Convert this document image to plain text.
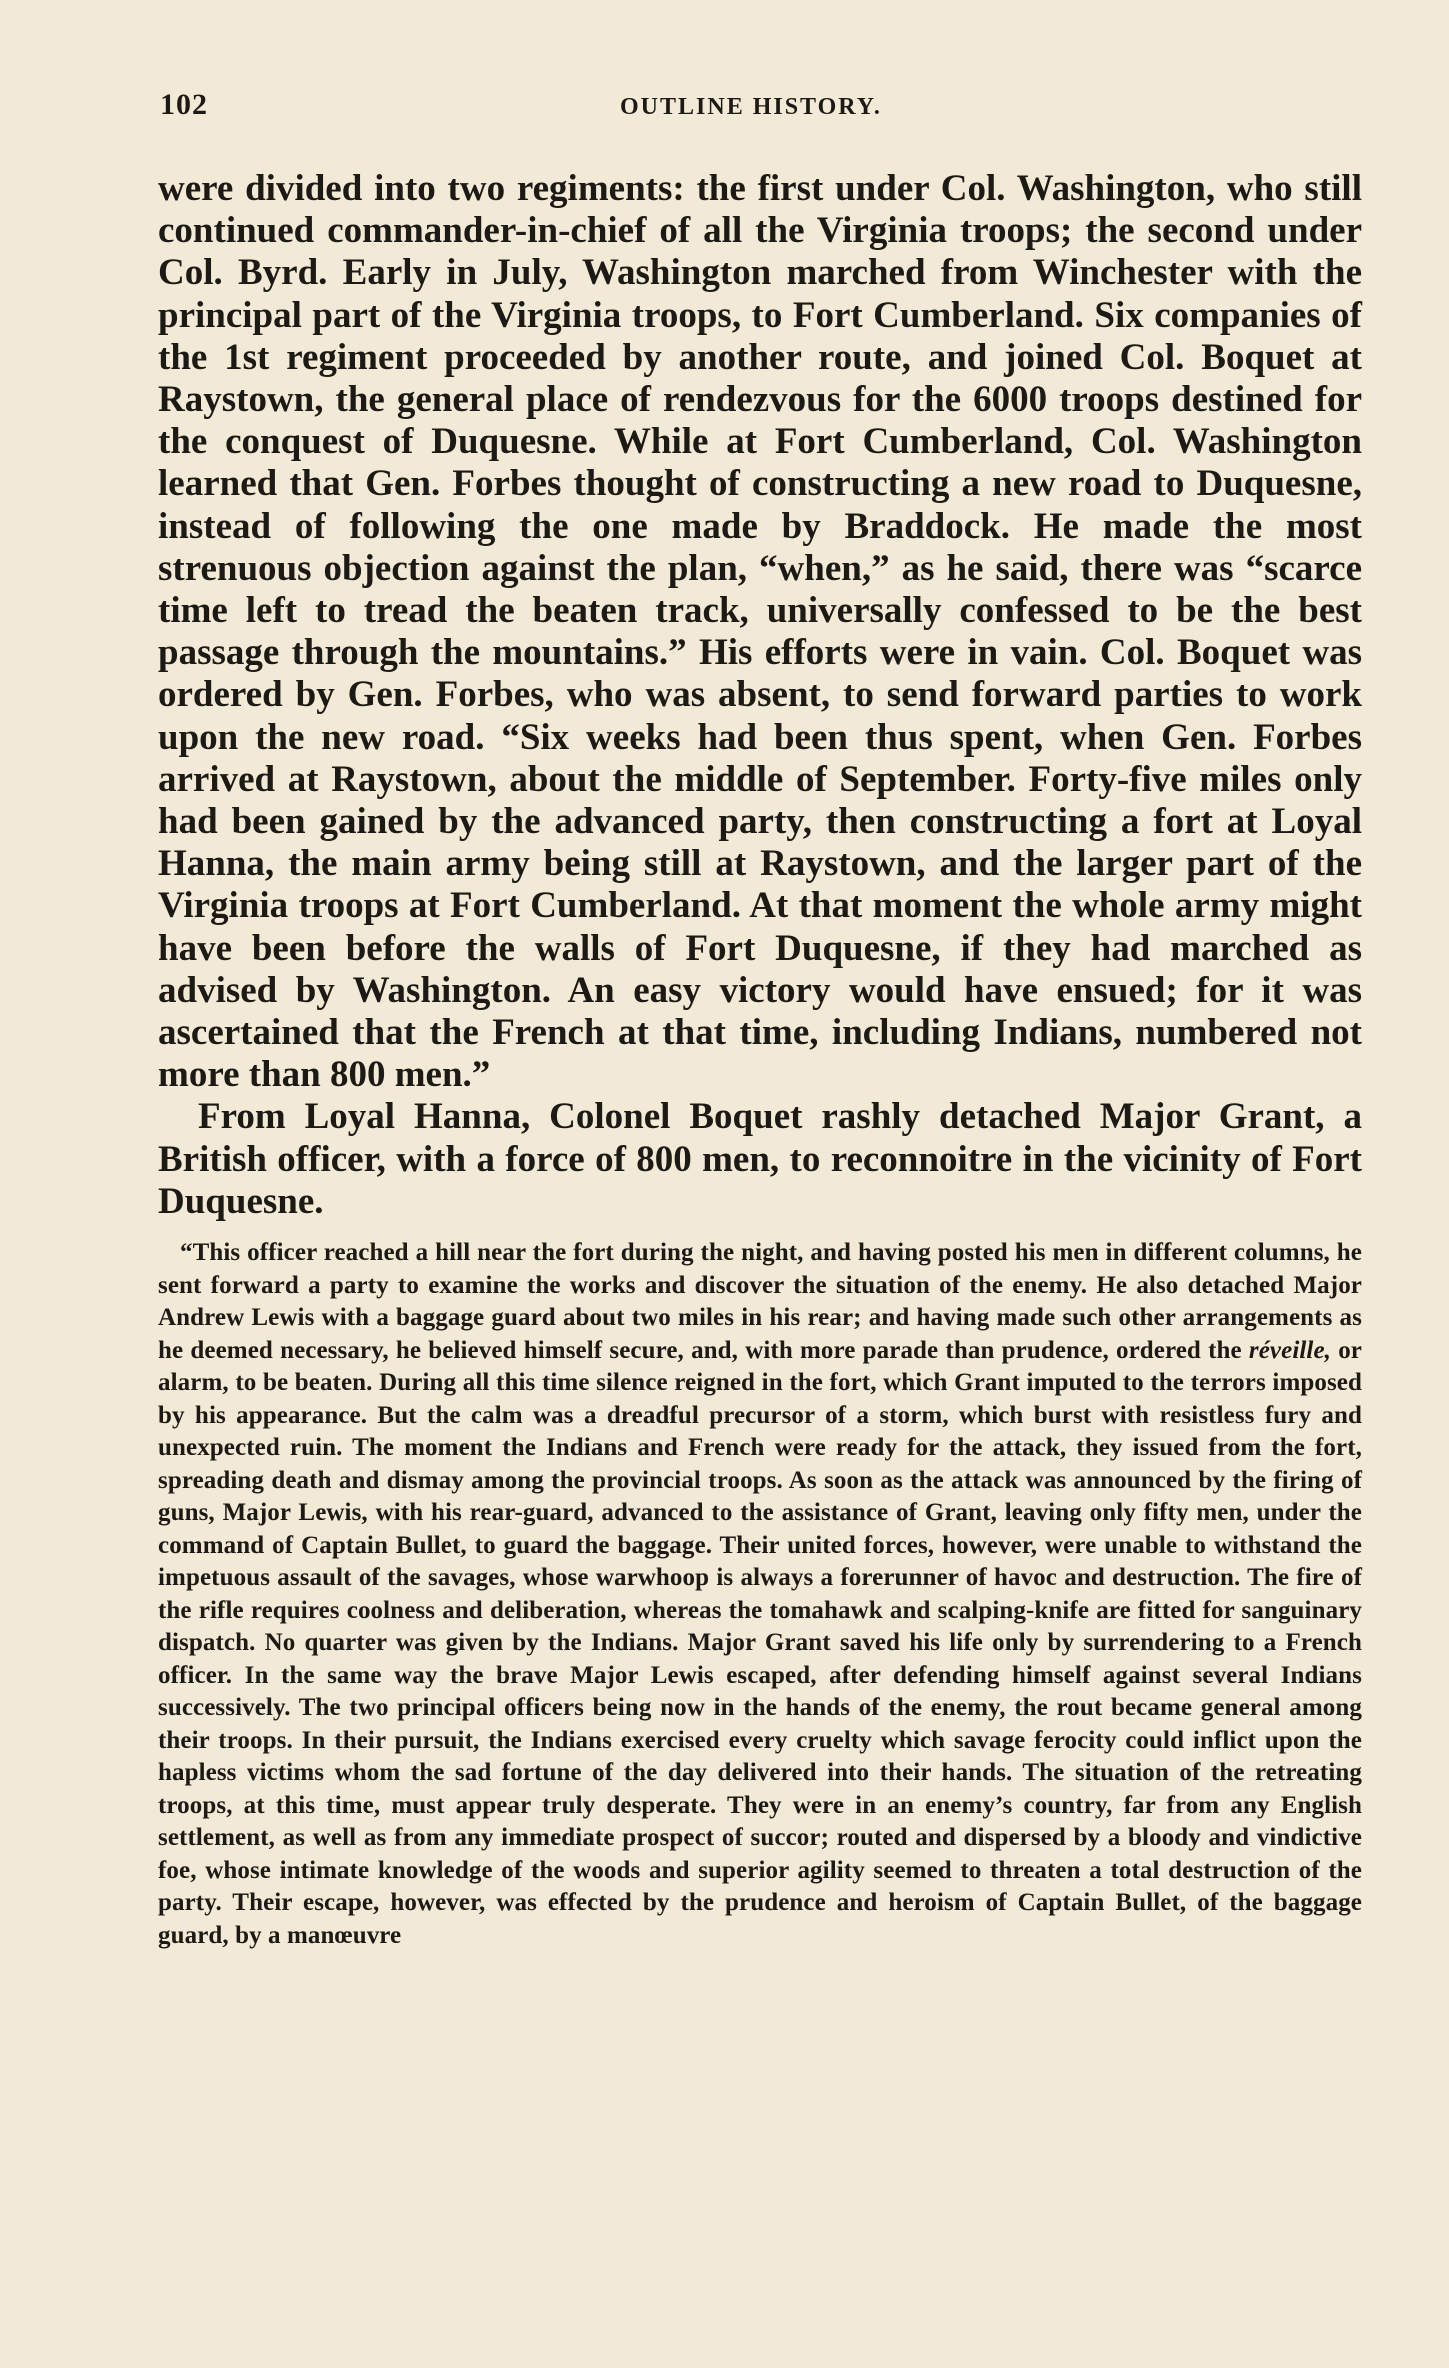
102	OUTLINE HISTORY.

were divided into two regiments: the first under Col. Washington, who still continued commander-in-chief of all the Virginia troops; the second under Col. Byrd. Early in July, Washington marched from Winchester with the principal part of the Virginia troops, to Fort Cumberland. Six companies of the 1st regiment proceeded by another route, and joined Col. Boquet at Raystown, the general place of rendezvous for the 6000 troops destined for the conquest of Duquesne. While at Fort Cumberland, Col. Washington learned that Gen. Forbes thought of constructing a new road to Duquesne, instead of following the one made by Braddock. He made the most strenuous objection against the plan, “when,” as he said, there was “scarce time left to tread the beaten track, universally confessed to be the best passage through the mountains.” His efforts were in vain. Col. Boquet was ordered by Gen. Forbes, who was absent, to send forward parties to work upon the new road. “Six weeks had been thus spent, when Gen. Forbes arrived at Raystown, about the middle of September. Forty-five miles only had been gained by the advanced party, then constructing a fort at Loyal Hanna, the main army being still at Raystown, and the larger part of the Virginia troops at Fort Cumberland. At that moment the whole army might have been before the walls of Fort Duquesne, if they had marched as advised by Washington. An easy victory would have ensued; for it was ascertained that the French at that time, including Indians, numbered not more than 800 men.”

From Loyal Hanna, Colonel Boquet rashly detached Major Grant, a British officer, with a force of 800 men, to reconnoitre in the vicinity of Fort Duquesne.

“This officer reached a hill near the fort during the night, and having posted his men in different columns, he sent forward a party to examine the works and discover the situation of the enemy. He also detached Major Andrew Lewis with a baggage guard about two miles in his rear; and having made such other arrangements as he deemed necessary, he believed himself secure, and, with more parade than prudence, ordered the réveille, or alarm, to be beaten. During all this time silence reigned in the fort, which Grant imputed to the terrors imposed by his appearance. But the calm was a dreadful precursor of a storm, which burst with resistless fury and unexpected ruin. The moment the Indians and French were ready for the attack, they issued from the fort, spreading death and dismay among the provincial troops. As soon as the attack was announced by the firing of guns, Major Lewis, with his rear-guard, advanced to the assistance of Grant, leaving only fifty men, under the command of Captain Bullet, to guard the baggage. Their united forces, however, were unable to withstand the impetuous assault of the savages, whose warwhoop is always a forerunner of havoc and destruction. The fire of the rifle requires coolness and deliberation, whereas the tomahawk and scalping-knife are fitted for sanguinary dispatch. No quarter was given by the Indians. Major Grant saved his life only by surrendering to a French officer. In the same way the brave Major Lewis escaped, after defending himself against several Indians successively. The two principal officers being now in the hands of the enemy, the rout became general among their troops. In their pursuit, the Indians exercised every cruelty which savage ferocity could inflict upon the hapless victims whom the sad fortune of the day delivered into their hands. The situation of the retreating troops, at this time, must appear truly desperate. They were in an enemy’s country, far from any English settlement, as well as from any immediate prospect of succor; routed and dispersed by a bloody and vindictive foe, whose intimate knowledge of the woods and superior agility seemed to threaten a total destruction of the party. Their escape, however, was effected by the prudence and heroism of Captain Bullet, of the baggage guard, by a manœuvre
